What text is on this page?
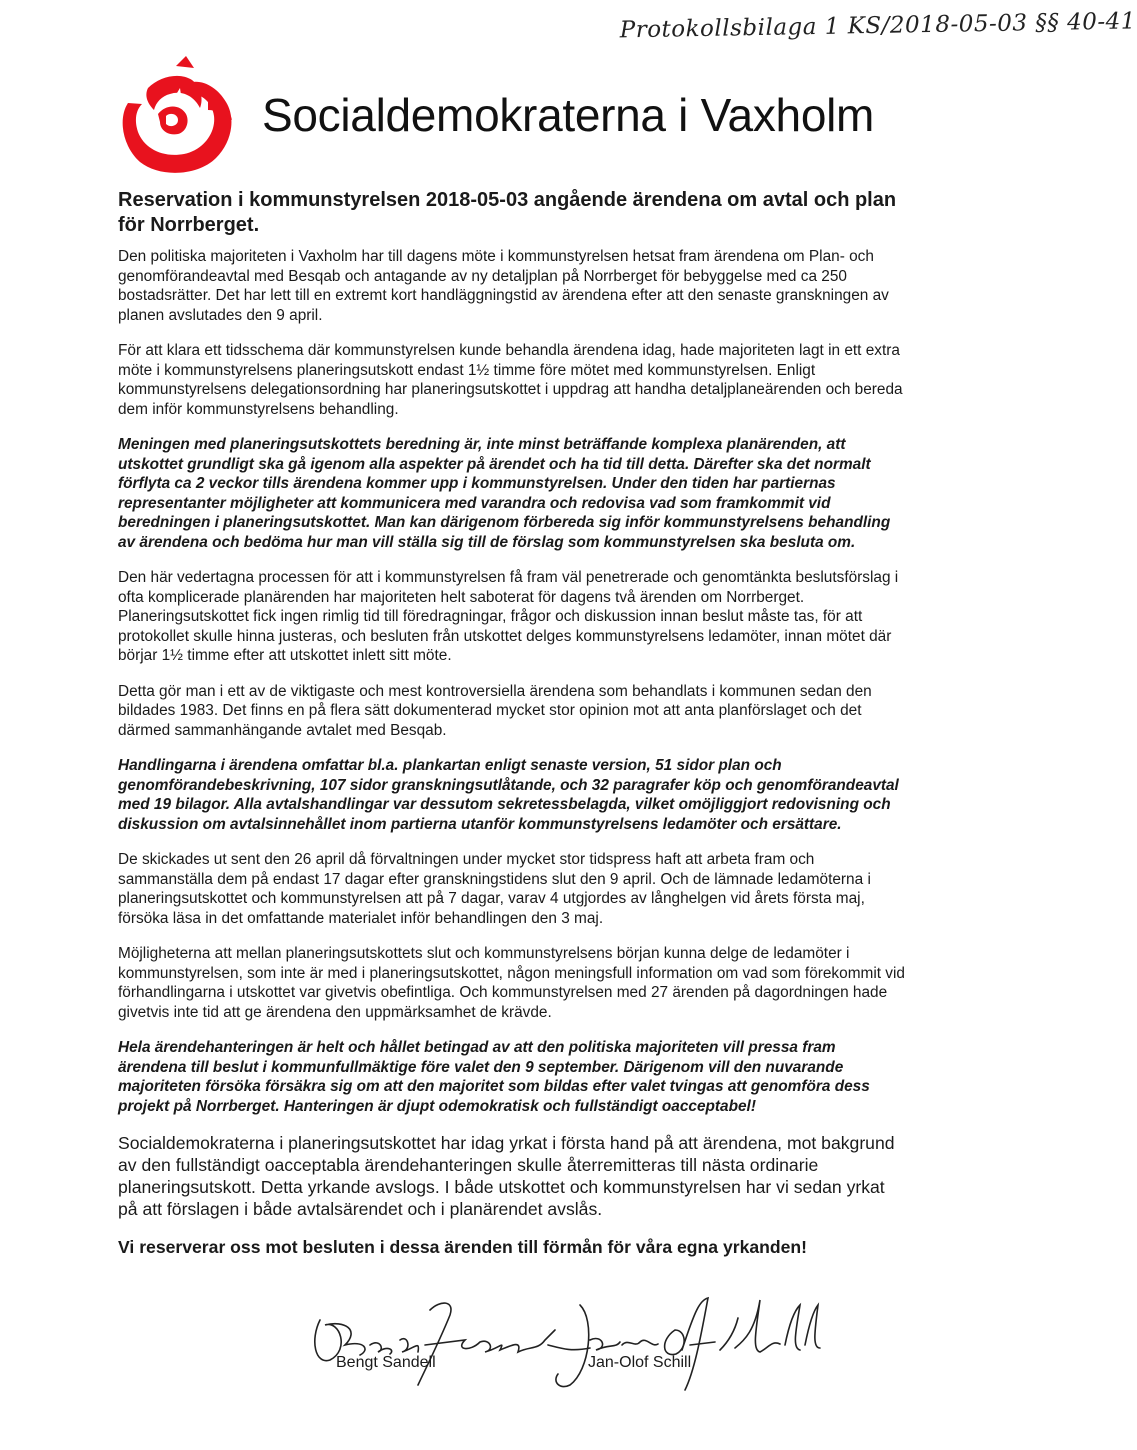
Protokollsbilaga 1 KS/2018-05-03 §§ 40-41
Socialdemokraterna i Vaxholm
Reservation i kommunstyrelsen 2018-05-03 angående ärendena om avtal och plan för Norrberget.

Den politiska majoriteten i Vaxholm har till dagens möte i kommunstyrelsen hetsat fram ärendena om Plan- och genomförandeavtal med Besqab och antagande av ny detaljplan på Norrberget för bebyggelse med ca 250 bostadsrätter. Det har lett till en extremt kort handläggningstid av ärendena efter att den senaste granskningen av planen avslutades den 9 april.

För att klara ett tidsschema där kommunstyrelsen kunde behandla ärendena idag, hade majoriteten lagt in ett extra möte i kommunstyrelsens planeringsutskott endast 1½ timme före mötet med kommunstyrelsen. Enligt kommunstyrelsens delegationsordning har planeringsutskottet i uppdrag att handha detaljplaneärenden och bereda dem inför kommunstyrelsens behandling.

Meningen med planeringsutskottets beredning är, inte minst beträffande komplexa planärenden, att utskottet grundligt ska gå igenom alla aspekter på ärendet och ha tid till detta. Därefter ska det normalt förflyta ca 2 veckor tills ärendena kommer upp i kommunstyrelsen. Under den tiden har partiernas representanter möjligheter att kommunicera med varandra och redovisa vad som framkommit vid beredningen i planeringsutskottet. Man kan därigenom förbereda sig inför kommunstyrelsens behandling av ärendena och bedöma hur man vill ställa sig till de förslag som kommunstyrelsen ska besluta om.

Den här vedertagna processen för att i kommunstyrelsen få fram väl penetrerade och genomtänkta beslutsförslag i ofta komplicerade planärenden har majoriteten helt saboterat för dagens två ärenden om Norrberget. Planeringsutskottet fick ingen rimlig tid till föredragningar, frågor och diskussion innan beslut måste tas, för att protokollet skulle hinna justeras, och besluten från utskottet delges kommunstyrelsens ledamöter, innan mötet där börjar 1½ timme efter att utskottet inlett sitt möte.

Detta gör man i ett av de viktigaste och mest kontroversiella ärendena som behandlats i kommunen sedan den bildades 1983. Det finns en på flera sätt dokumenterad mycket stor opinion mot att anta planförslaget och det därmed sammanhängande avtalet med Besqab.

Handlingarna i ärendena omfattar bl.a. plankartan enligt senaste version, 51 sidor plan och genomförandebeskrivning, 107 sidor granskningsutlåtande, och 32 paragrafer köp och genomförandeavtal med 19 bilagor. Alla avtalshandlingar var dessutom sekretessbelagda, vilket omöjliggjort redovisning och diskussion om avtalsinnehållet inom partierna utanför kommunstyrelsens ledamöter och ersättare.

De skickades ut sent den 26 april då förvaltningen under mycket stor tidspress haft att arbeta fram och sammanställa dem på endast 17 dagar efter granskningstidens slut den 9 april. Och de lämnade ledamöterna i planeringsutskottet och kommunstyrelsen att på 7 dagar, varav 4 utgjordes av långhelgen vid årets första maj, försöka läsa in det omfattande materialet inför behandlingen den 3 maj.

Möjligheterna att mellan planeringsutskottets slut och kommunstyrelsens början kunna delge de ledamöter i kommunstyrelsen, som inte är med i planeringsutskottet, någon meningsfull information om vad som förekommit vid förhandlingarna i utskottet var givetvis obefintliga. Och kommunstyrelsen med 27 ärenden på dagordningen hade givetvis inte tid att ge ärendena den uppmärksamhet de krävde.

Hela ärendehanteringen är helt och hållet betingad av att den politiska majoriteten vill pressa fram ärendena till beslut i kommunfullmäktige före valet den 9 september. Därigenom vill den nuvarande majoriteten försöka försäkra sig om att den majoritet som bildas efter valet tvingas att genomföra dess projekt på Norrberget. Hanteringen är djupt odemokratisk och fullständigt oacceptabel!

Socialdemokraterna i planeringsutskottet har idag yrkat i första hand på att ärendena, mot bakgrund av den fullständigt oacceptabla ärendehanteringen skulle återremitteras till nästa ordinarie planeringsutskott. Detta yrkande avslogs. I både utskottet och kommunstyrelsen har vi sedan yrkat på att förslagen i både avtalsärendet och i planärendet avslås.

Vi reserverar oss mot besluten i dessa ärenden till förmån för våra egna yrkanden!

Bengt Sandell	Jan-Olof Schill
